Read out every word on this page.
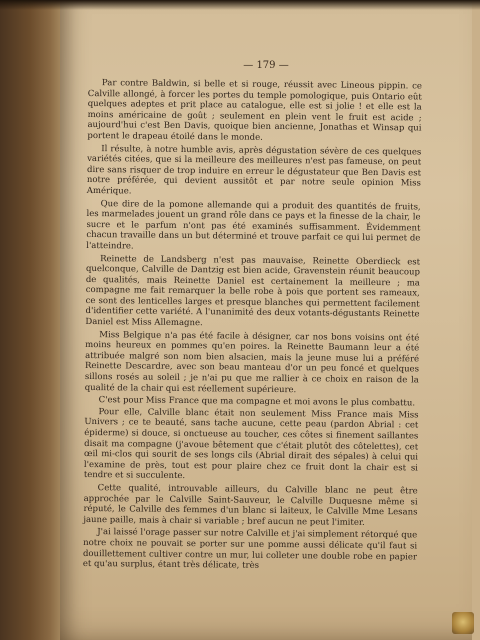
— 179 —

Par contre Baldwin, si belle et si rouge, réussit avec Lineous pippin. ce Calville allongé, à forcer les portes du temple pomologique, puis Ontario eût quelques adeptes et prit place au catalogue, elle est si jolie ! et elle est la moins américaine de goût ; seulement en plein vent le fruit est acide ; aujourd'hui c'est Ben Davis, quoique bien ancienne, Jonathas et Winsap qui portent le drapeau étoilé dans le monde.

Il résulte, à notre humble avis, après dégustation sévère de ces quelques variétés citées, que si la meilleure des meilleures n'est pas fameuse, on peut dire sans risquer de trop induire en erreur le dégustateur que Ben Davis est notre préférée, qui devient aussitôt et par notre seule opinion Miss Amérique.

Que dire de la pomone allemande qui a produit des quantités de fruits, les marmelades jouent un grand rôle dans ce pays et la finesse de la chair, le sucre et le parfum n'ont pas été examinés suffisamment. Évidemment chacun travaille dans un but déterminé et trouve parfait ce qui lui permet de l'atteindre.

Reinette de Landsberg n'est pas mauvaise, Reinette Oberdieck est quelconque, Calville de Dantzig est bien acide, Gravenstein réunit beaucoup de qualités, mais Reinette Daniel est certainement la meilleure ; ma compagne me fait remarquer la belle robe à pois que portent ses rameaux, ce sont des lenticelles larges et presque blanches qui permettent facilement d'identifier cette variété. A l'unanimité des deux votants-dégustants Reinette Daniel est Miss Allemagne.

Miss Belgique n'a pas été facile à désigner, car nos bons voisins ont été moins heureux en pommes qu'en poires. la Reinette Baumann leur a été attribuée malgré son nom bien alsacien, mais la jeune muse lui a préféré Reinette Descardre, avec son beau manteau d'or un peu foncé et quelques sillons rosés au soleil ; je n'ai pu que me rallier à ce choix en raison de la qualité de la chair qui est réellement supérieure.

C'est pour Miss France que ma compagne et moi avons le plus combattu.

Pour elle, Calville blanc était non seulement Miss France mais Miss Univers ; ce te beauté, sans tache aucune, cette peau (pardon Abrial : cet épiderme) si douce, si onctueuse au toucher, ces côtes si finement saillantes disait ma compagne (j'avoue bêtement que c'était plutôt des côtelettes), cet œil mi-clos qui sourit de ses longs cils (Abrial dirait des sépales) à celui qui l'examine de près, tout est pour plaire chez ce fruit dont la chair est si tendre et si succulente.

Cette qualité, introuvable ailleurs, du Calville blanc ne peut être approchée par le Calville Saint-Sauveur, le Calville Duquesne même si réputé, le Calville des femmes d'un blanc si laiteux, le Calville Mme Lesans jaune paille, mais à chair si variable ; bref aucun ne peut l'imiter.

J'ai laissé l'orage passer sur notre Calville et j'ai simplement rétorqué que notre choix ne pouvait se porter sur une pomme aussi délicate qu'il faut si douillettement cultiver contre un mur, lui colleter une double robe en papier et qu'au surplus, étant très délicate, très
